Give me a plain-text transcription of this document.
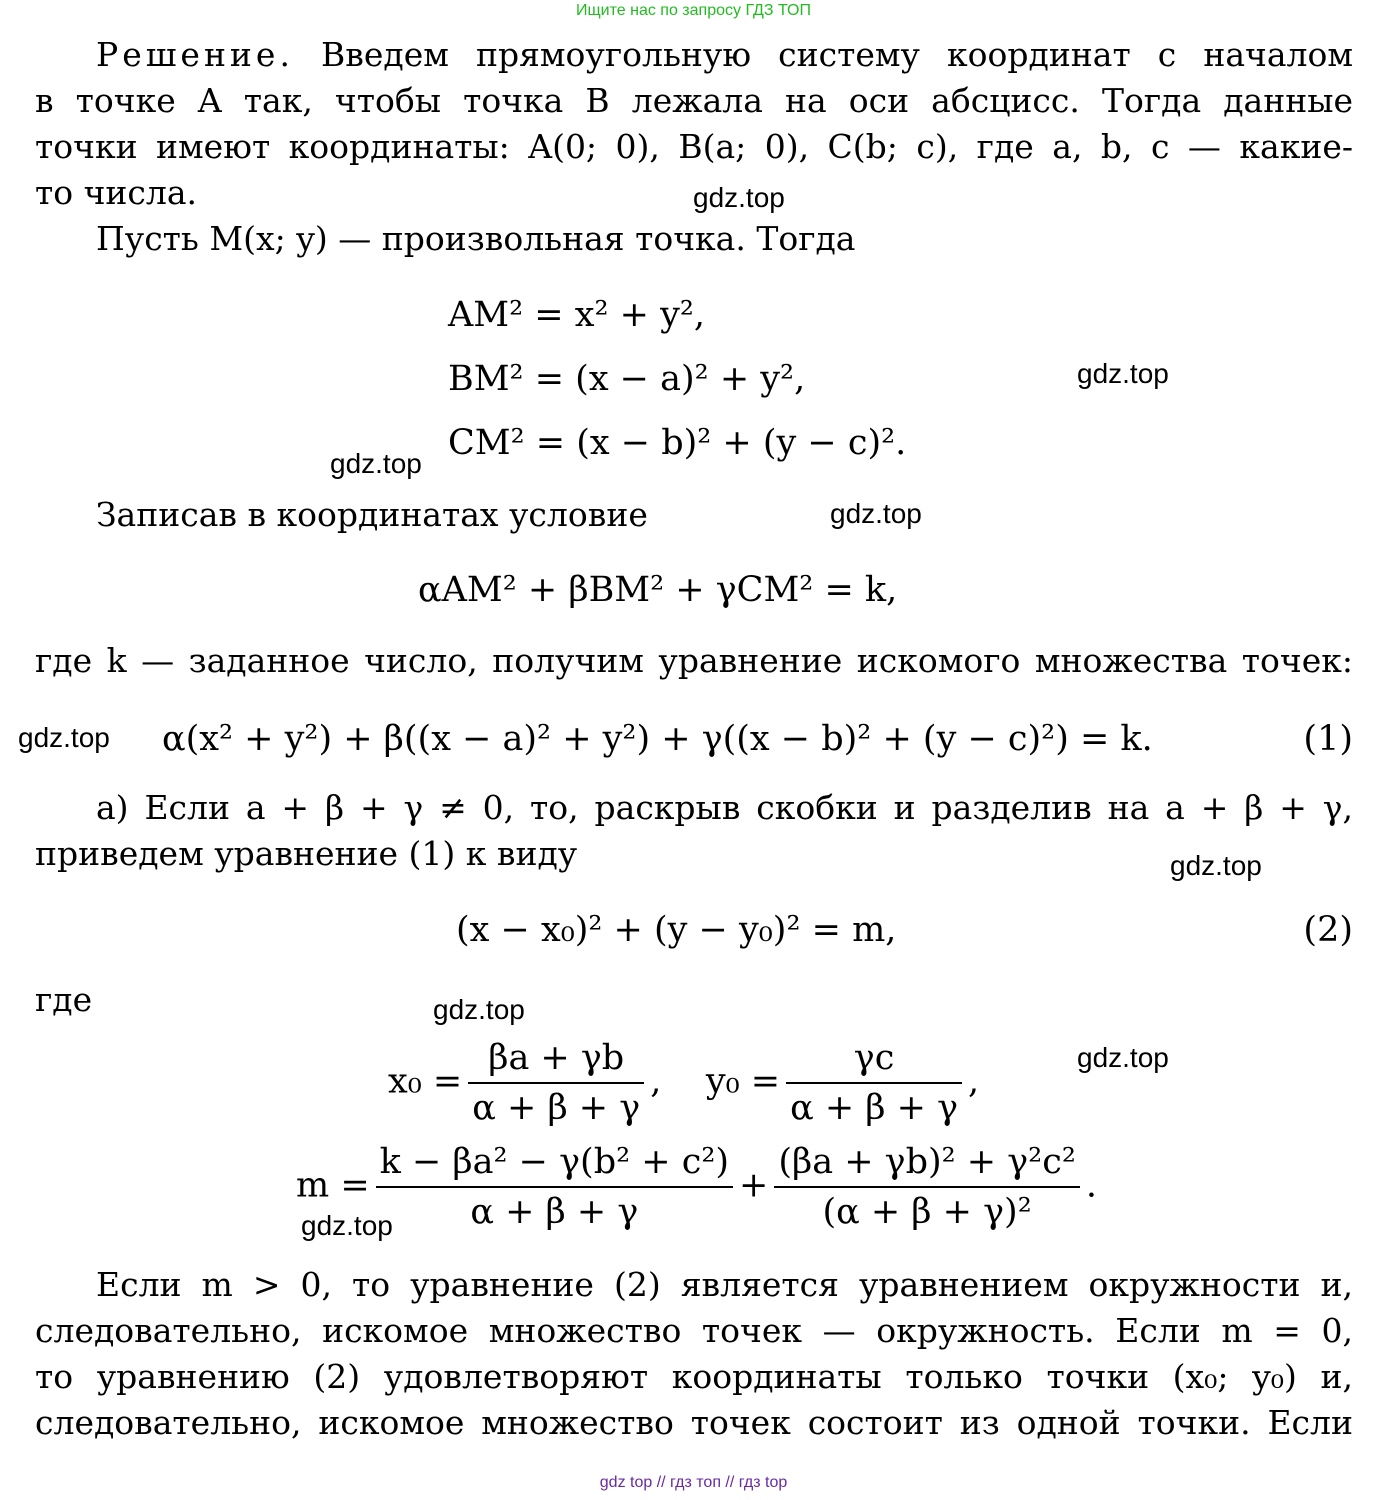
Ищите нас по запросу ГДЗ ТОП
Решение. Введем прямоугольную систему координат с началом
в точке A так, чтобы точка B лежала на оси абсцисс. Тогда данные
точки имеют координаты: A(0; 0), B(a; 0), C(b; c), где a, b, c — какие-
то числа.
Пусть M(x; y) — произвольная точка. Тогда
AM² = x² + y²,
BM² = (x − a)² + y²,
CM² = (x − b)² + (y − c)².
Записав в координатах условие
αAM² + βBM² + γCM² = k,
где k — заданное число, получим уравнение искомого множества точек:
α(x² + y²) + β((x − a)² + y²) + γ((x − b)² + (y − c)²) = k.	(1)
а) Если a + β + γ ≠ 0, то, раскрыв скобки и разделив на a + β + γ,
приведем уравнение (1) к виду
(x − x₀)² + (y − y₀)² = m,	(2)
где
$x_0 = \frac{\beta a + \gamma b}{\alpha + \beta + \gamma}$ ,    $y_0 = \frac{\gamma c}{\alpha + \beta + \gamma}$ ,
$m = \frac{\text{k − βa² − γ(b² + c²)}}{\alpha + \beta + \gamma} + \frac{\text{(βa + γb)² + γ²c²}}{\text{(α + β + γ)²}}$ .
Если m > 0, то уравнение (2) является уравнением окружности и,
следовательно, искомое множество точек — окружность. Если m = 0,
то уравнению (2) удовлетворяют координаты только точки (x₀; y₀) и,
следовательно, искомое множество точек состоит из одной точки. Если
gdz.top
gdz.top
gdz.top
gdz.top
gdz.top
gdz.top
gdz.top
gdz.top
gdz.top
gdz top // гдз топ // гдз top
